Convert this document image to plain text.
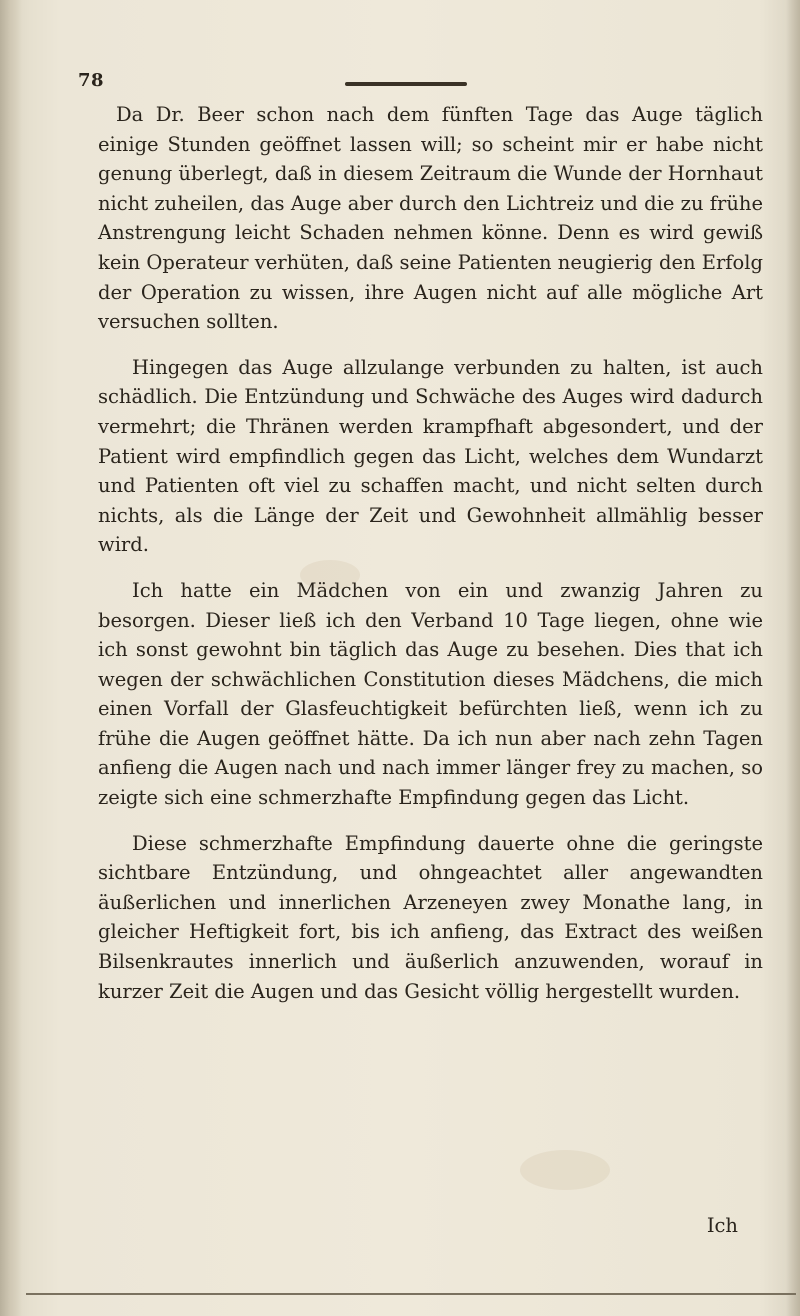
78

Da Dr. Beer schon nach dem fünften Tage das Auge täglich einige Stunden geöffnet lassen will; so scheint mir er habe nicht genung überlegt, daß in diesem Zeitraum die Wunde der Hornhaut nicht zuheilen, das Auge aber durch den Lichtreiz und die zu frühe Anstrengung leicht Schaden nehmen könne. Denn es wird gewiß kein Operateur verhüten, daß seine Patienten neugierig den Erfolg der Operation zu wissen, ihre Augen nicht auf alle mögliche Art versuchen sollten.

Hingegen das Auge allzulange verbunden zu halten, ist auch schädlich. Die Entzündung und Schwäche des Auges wird dadurch vermehrt; die Thränen werden krampfhaft abgesondert, und der Patient wird empfindlich gegen das Licht, welches dem Wundarzt und Patienten oft viel zu schaffen macht, und nicht selten durch nichts, als die Länge der Zeit und Gewohnheit allmählig besser wird.

Ich hatte ein Mädchen von ein und zwanzig Jahren zu besorgen. Dieser ließ ich den Verband 10 Tage liegen, ohne wie ich sonst gewohnt bin täglich das Auge zu besehen. Dies that ich wegen der schwächlichen Constitution dieses Mädchens, die mich einen Vorfall der Glasfeuchtigkeit befürchten ließ, wenn ich zu frühe die Augen geöffnet hätte. Da ich nun aber nach zehn Tagen anfieng die Augen nach und nach immer länger frey zu machen, so zeigte sich eine schmerzhafte Empfindung gegen das Licht.

Diese schmerzhafte Empfindung dauerte ohne die geringste sichtbare Entzündung, und ohngeachtet aller angewandten äußerlichen und innerlichen Arzeneyen zwey Monathe lang, in gleicher Heftigkeit fort, bis ich anfieng, das Extract des weißen Bilsenkrautes innerlich und äußerlich anzuwenden, worauf in kurzer Zeit die Augen und das Gesicht völlig hergestellt wurden.

Ich
